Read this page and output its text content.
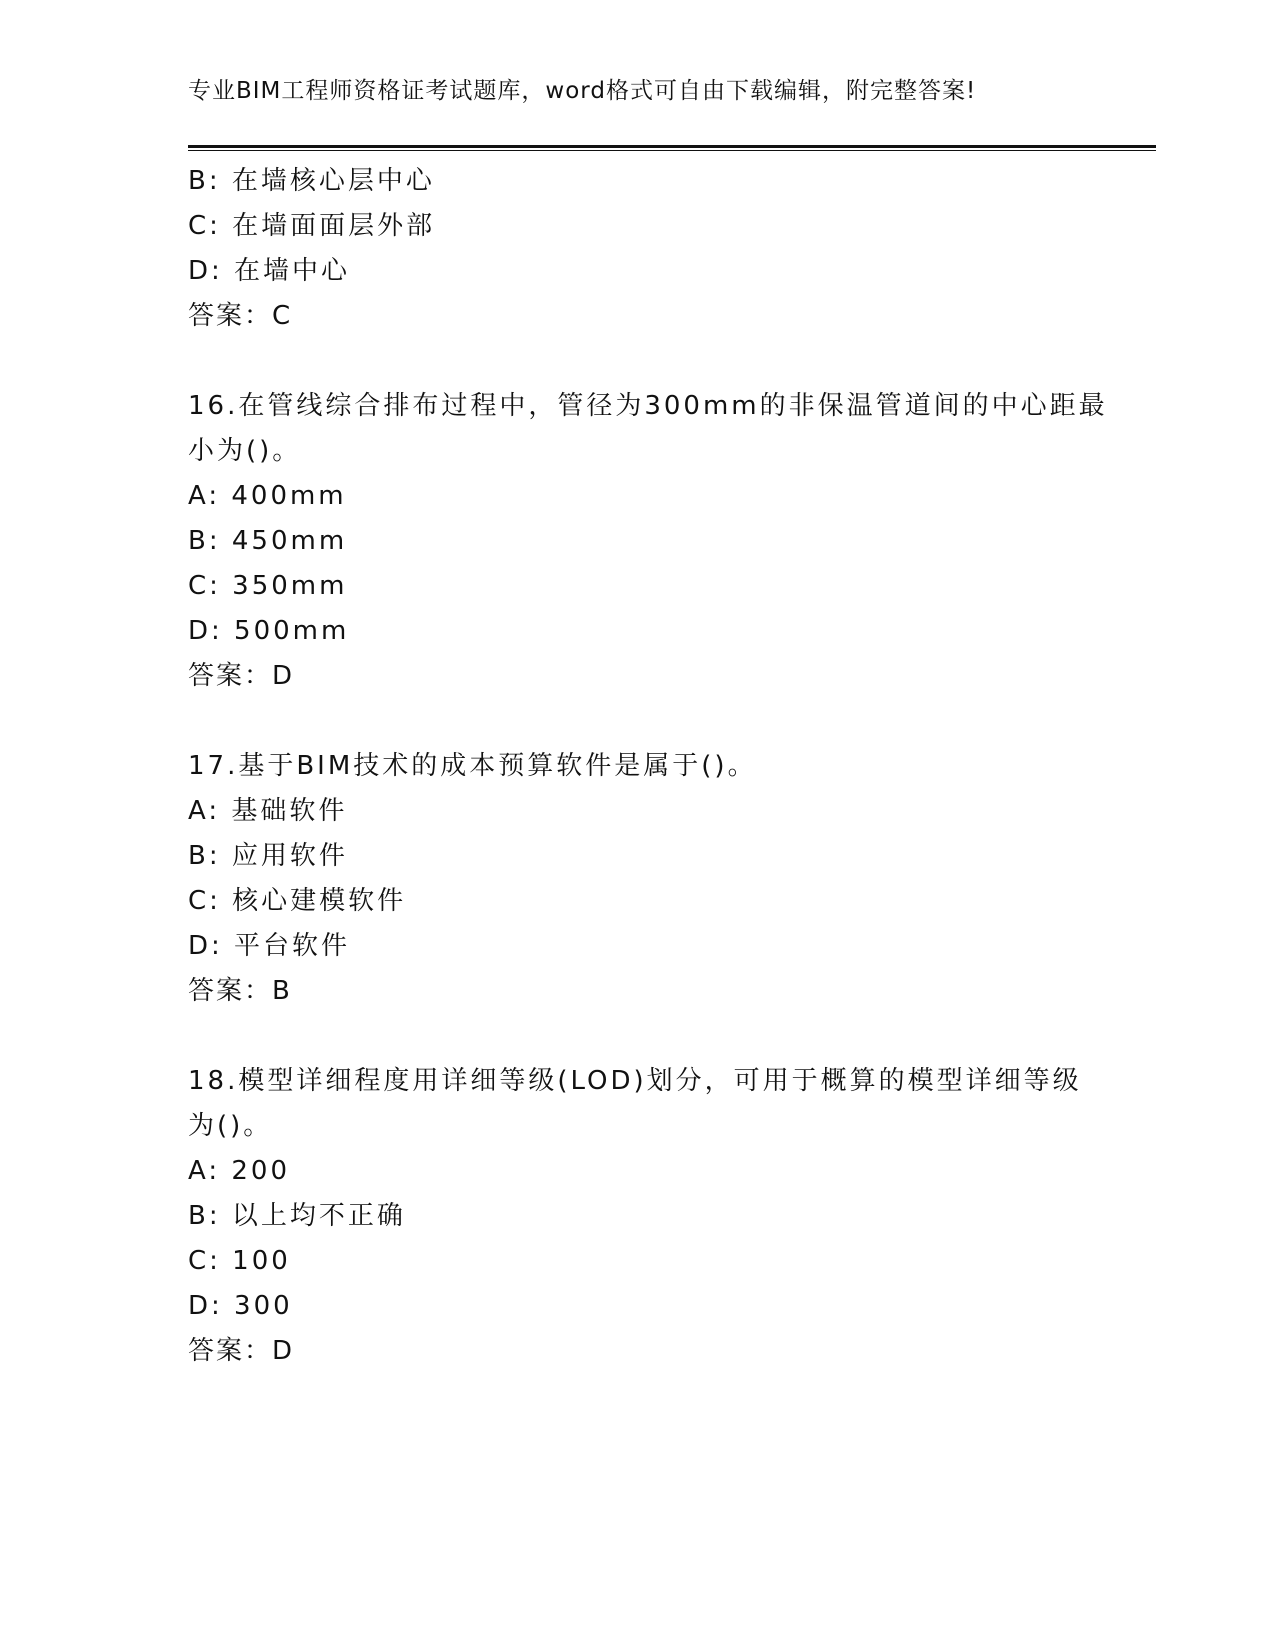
专业BIM工程师资格证考试题库，word格式可自由下载编辑，附完整答案!
B: 在墙核心层中心
C: 在墙面面层外部
D: 在墙中心
答案：C
16.在管线综合排布过程中，管径为300mm的非保温管道间的中心距最
小为()。
A: 400mm
B: 450mm
C: 350mm
D: 500mm
答案：D
17.基于BIM技术的成本预算软件是属于()。
A: 基础软件
B: 应用软件
C: 核心建模软件
D: 平台软件
答案：B
18.模型详细程度用详细等级(LOD)划分，可用于概算的模型详细等级
为()。
A: 200
B: 以上均不正确
C: 100
D: 300
答案：D
